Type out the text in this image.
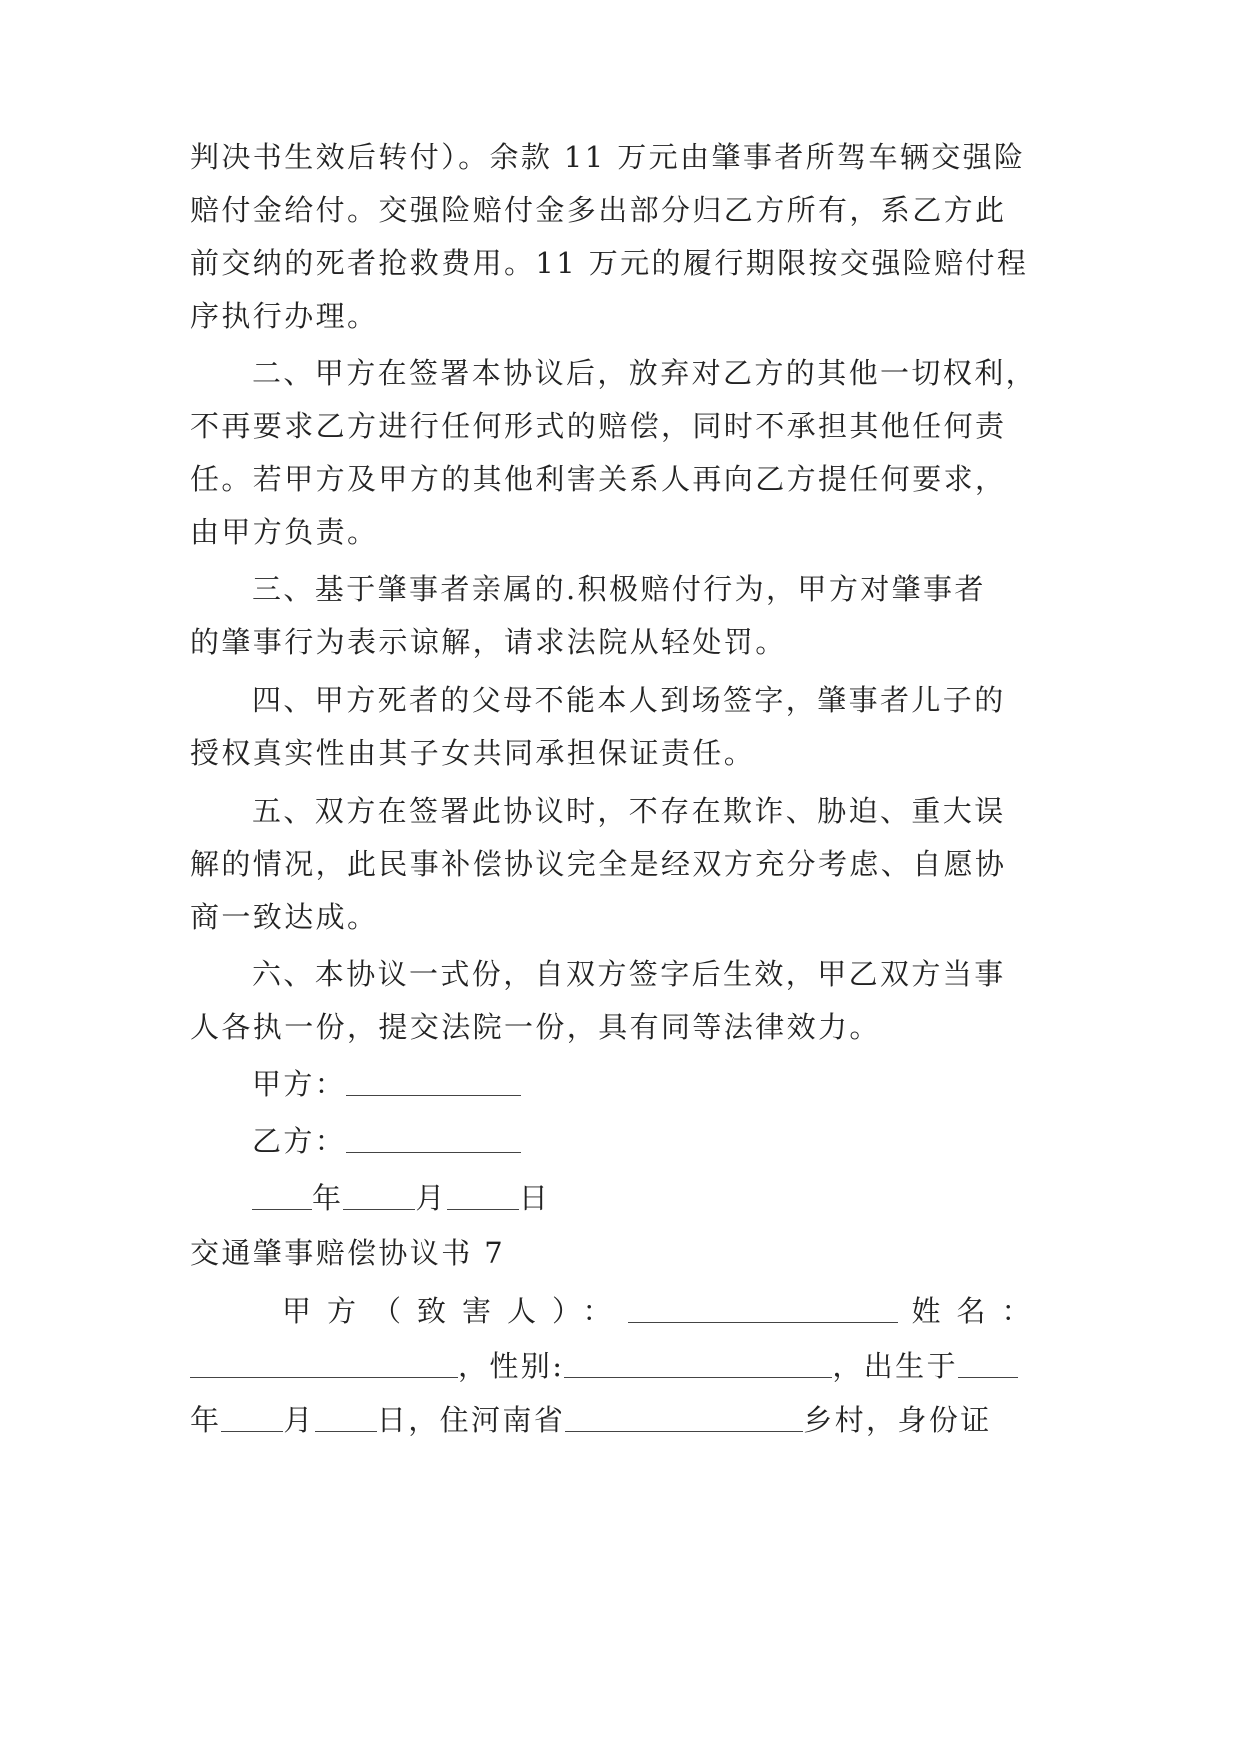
判决书生效后转付）。余款 11 万元由肇事者所驾车辆交强险
赔付金给付。交强险赔付金多出部分归乙方所有，系乙方此
前交纳的死者抢救费用。11 万元的履行期限按交强险赔付程
序执行办理。
二、甲方在签署本协议后，放弃对乙方的其他一切权利，
不再要求乙方进行任何形式的赔偿，同时不承担其他任何责
任。若甲方及甲方的其他利害关系人再向乙方提任何要求，
由甲方负责。
三、基于肇事者亲属的.积极赔付行为，甲方对肇事者
的肇事行为表示谅解，请求法院从轻处罚。
四、甲方死者的父母不能本人到场签字，肇事者儿子的
授权真实性由其子女共同承担保证责任。
五、双方在签署此协议时，不存在欺诈、胁迫、重大误
解的情况，此民事补偿协议完全是经双方充分考虑、自愿协
商一致达成。
六、本协议一式份，自双方签字后生效，甲乙双方当事
人各执一份，提交法院一份，具有同等法律效力。
甲方：
乙方：
年 月 日
交通肇事赔偿协议书 7
甲方（致害人）：	姓名：
，性别:	，出生于
年 月 日，住河南省	乡村，身份证
